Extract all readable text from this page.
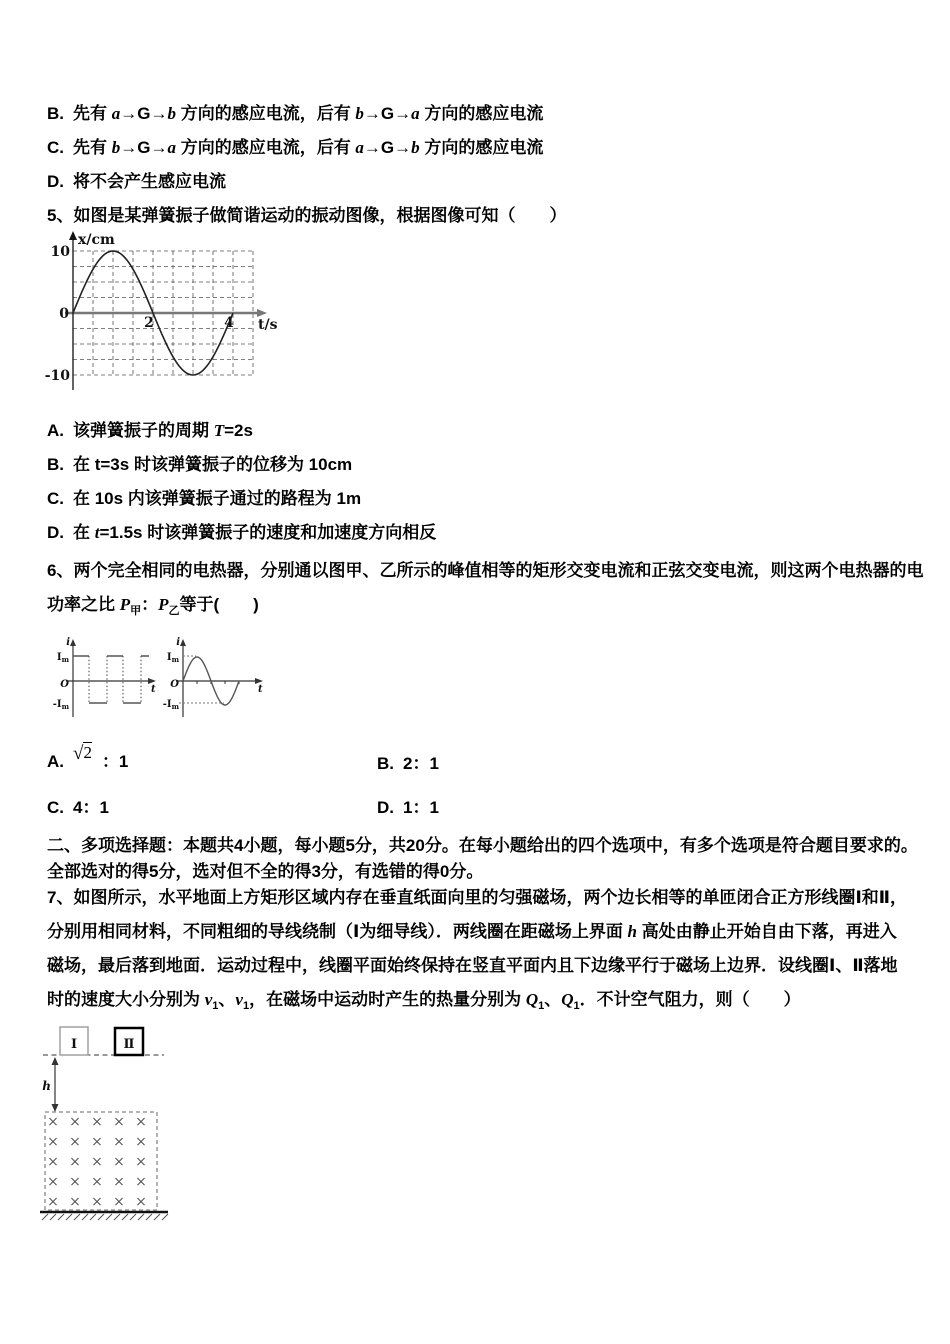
B. 先有 a→G→b 方向的感应电流，后有 b→G→a 方向的感应电流
C. 先有 b→G→a 方向的感应电流，后有 a→G→b 方向的感应电流
D. 将不会产生感应电流
5、如图是某弹簧振子做简谐运动的振动图像，根据图像可知（　　）
10
0
-10
2	4
x/cm
t/s
A. 该弹簧振子的周期 T=2s
B. 在 t=3s 时该弹簧振子的位移为 10cm
C. 在 10s 内该弹簧振子通过的路程为 1m
D. 在 t=1.5s 时该弹簧振子的速度和加速度方向相反
6、两个完全相同的电热器，分别通以图甲、乙所示的峰值相等的矩形交变电流和正弦交变电流，则这两个电热器的电
功率之比 $P_甲$：$P_乙$等于(　　)
i
$I_m$
O
$-I_m$
t
i
$I_m$
O
$-I_m$
t
A. √2 ：1	B. 2：1
C. 4：1	D. 1：1
二、多项选择题：本题共4小题，每小题5分，共20分。在每小题给出的四个选项中，有多个选项是符合题目要求的。
全部选对的得5分，选对但不全的得3分，有选错的得0分。
7、如图所示，水平地面上方矩形区域内存在垂直纸面向里的匀强磁场，两个边长相等的单匝闭合正方形线圈Ⅰ和Ⅱ，
分别用相同材料，不同粗细的导线绕制（Ⅰ为细导线）．两线圈在距磁场上界面 h 高处由静止开始自由下落，再进入
磁场，最后落到地面．运动过程中，线圈平面始终保持在竖直平面内且下边缘平行于磁场上边界．设线圈Ⅰ、Ⅱ落地
时的速度大小分别为 $v_1$、$v_1$，在磁场中运动时产生的热量分别为 $Q_1$、$Q_1$．不计空气阻力，则（　　）
Ⅰ	Ⅱ
h
× × × × ×
× × × × ×
× × × × ×
× × × × ×
× × × × ×
